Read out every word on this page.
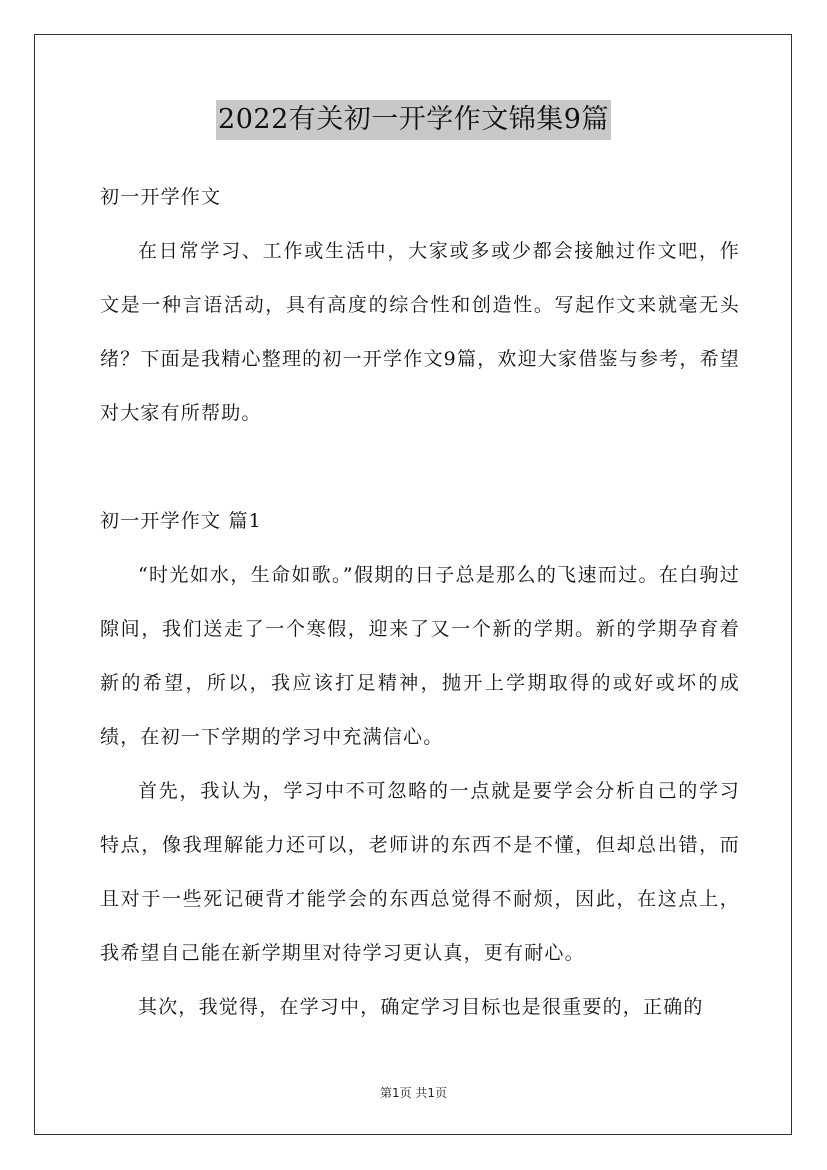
2022有关初一开学作文锦集9篇

初一开学作文

在日常学习、工作或生活中，大家或多或少都会接触过作文吧，作文是一种言语活动，具有高度的综合性和创造性。写起作文来就毫无头绪？下面是我精心整理的初一开学作文9篇，欢迎大家借鉴与参考，希望对大家有所帮助。

初一开学作文 篇1

“时光如水，生命如歌。”假期的日子总是那么的飞速而过。在白驹过隙间，我们送走了一个寒假，迎来了又一个新的学期。新的学期孕育着新的希望，所以，我应该打足精神，抛开上学期取得的或好或坏的成绩，在初一下学期的学习中充满信心。

首先，我认为，学习中不可忽略的一点就是要学会分析自己的学习特点，像我理解能力还可以，老师讲的东西不是不懂，但却总出错，而且对于一些死记硬背才能学会的东西总觉得不耐烦，因此，在这点上，我希望自己能在新学期里对待学习更认真，更有耐心。

其次，我觉得，在学习中，确定学习目标也是很重要的，正确的

第1页 共1页
